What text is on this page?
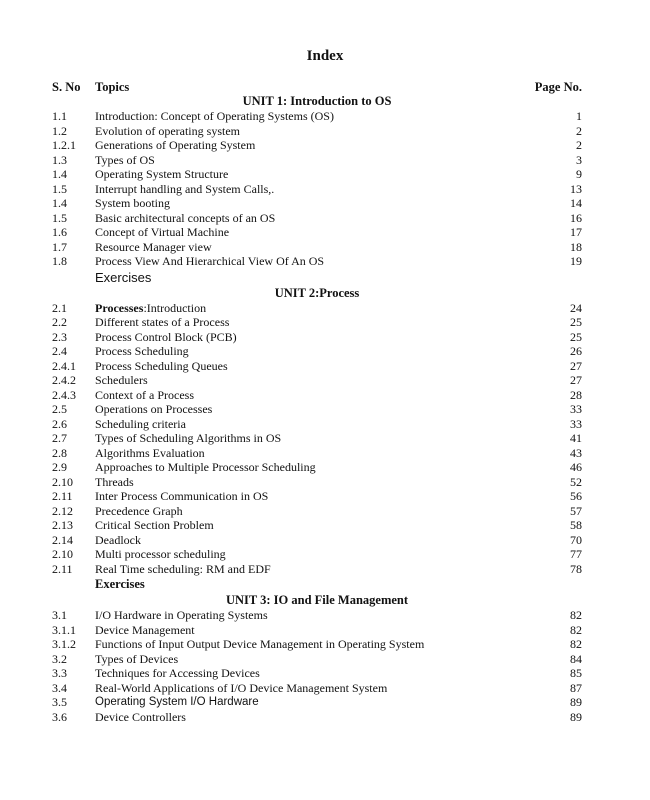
Index
S. No Topics	Page No.
UNIT 1: Introduction to OS
1.1 Introduction: Concept of Operating Systems (OS)	1
1.2 Evolution of operating system	2
1.2.1 Generations of Operating System	2
1.3 Types of OS	3
1.4 Operating System Structure	9
1.5 Interrupt handling and System Calls,.	13
1.4 System booting	14
1.5 Basic architectural concepts of an OS	16
1.6 Concept of Virtual Machine	17
1.7 Resource Manager view	18
1.8 Process View And Hierarchical View Of An OS	19
Exercises
UNIT 2:Process
2.1 Processes:Introduction	24
2.2 Different states of a Process	25
2.3 Process Control Block (PCB)	25
2.4 Process Scheduling	26
2.4.1 Process Scheduling Queues	27
2.4.2 Schedulers	27
2.4.3 Context of a Process	28
2.5 Operations on Processes	33
2.6 Scheduling criteria	33
2.7 Types of Scheduling Algorithms in OS	41
2.8 Algorithms Evaluation	43
2.9 Approaches to Multiple Processor Scheduling	46
2.10 Threads	52
2.11 Inter Process Communication in OS	56
2.12 Precedence Graph	57
2.13 Critical Section Problem	58
2.14 Deadlock	70
2.10 Multi processor scheduling	77
2.11 Real Time scheduling: RM and EDF	78
Exercises
UNIT 3: IO and File Management
3.1 I/O Hardware in Operating Systems	82
3.1.1 Device Management	82
3.1.2 Functions of Input Output Device Management in Operating System	82
3.2 Types of Devices	84
3.3 Techniques for Accessing Devices	85
3.4 Real-World Applications of I/O Device Management System	87
3.5 Operating System I/O Hardware	89
3.6 Device Controllers	89
